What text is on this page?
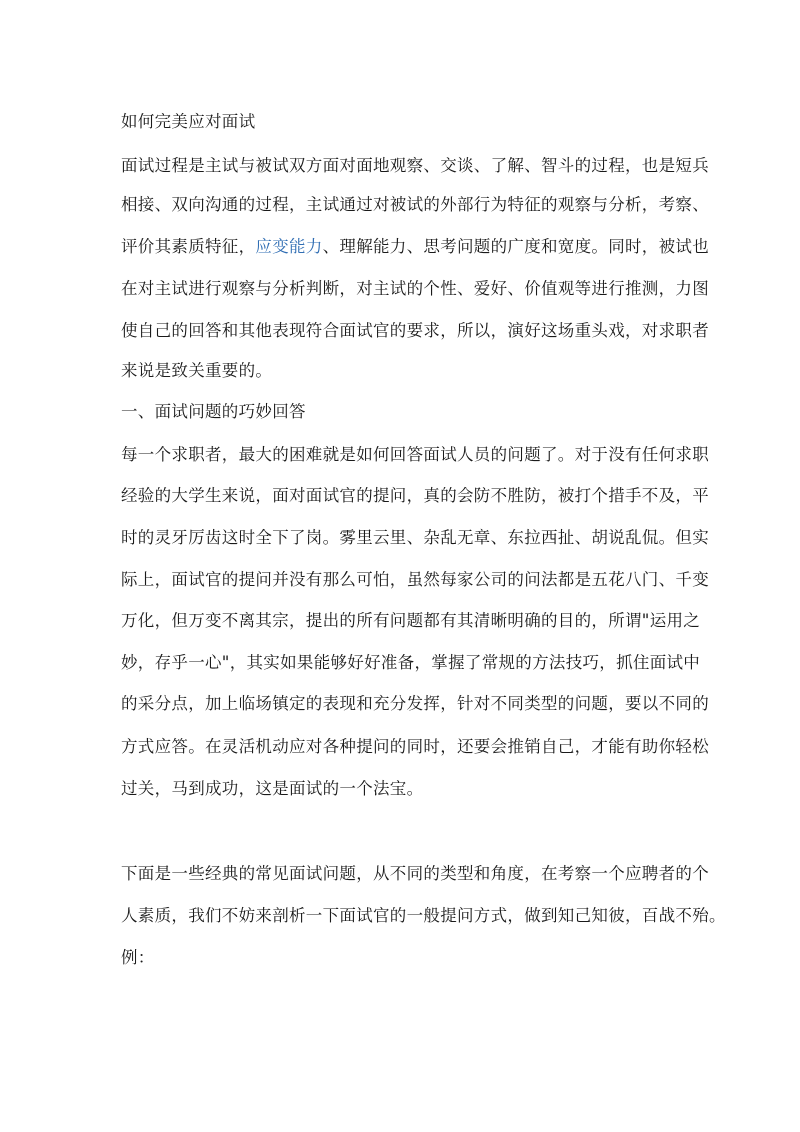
如何完美应对面试
面试过程是主试与被试双方面对面地观察、交谈、了解、智斗的过程，也是短兵
相接、双向沟通的过程，主试通过对被试的外部行为特征的观察与分析，考察、
评价其素质特征，应变能力、理解能力、思考问题的广度和宽度。同时，被试也
在对主试进行观察与分析判断，对主试的个性、爱好、价值观等进行推测，力图
使自己的回答和其他表现符合面试官的要求，所以，演好这场重头戏，对求职者
来说是致关重要的。
一、面试问题的巧妙回答
每一个求职者，最大的困难就是如何回答面试人员的问题了。对于没有任何求职
经验的大学生来说，面对面试官的提问，真的会防不胜防，被打个措手不及，平
时的灵牙厉齿这时全下了岗。雾里云里、杂乱无章、东拉西扯、胡说乱侃。但实
际上，面试官的提问并没有那么可怕，虽然每家公司的问法都是五花八门、千变
万化，但万变不离其宗，提出的所有问题都有其清晰明确的目的，所谓"运用之
妙，存乎一心"，其实如果能够好好准备，掌握了常规的方法技巧，抓住面试中
的采分点，加上临场镇定的表现和充分发挥，针对不同类型的问题，要以不同的
方式应答。在灵活机动应对各种提问的同时，还要会推销自己，才能有助你轻松
过关，马到成功，这是面试的一个法宝。
下面是一些经典的常见面试问题，从不同的类型和角度，在考察一个应聘者的个
人素质，我们不妨来剖析一下面试官的一般提问方式，做到知己知彼，百战不殆。
例：
